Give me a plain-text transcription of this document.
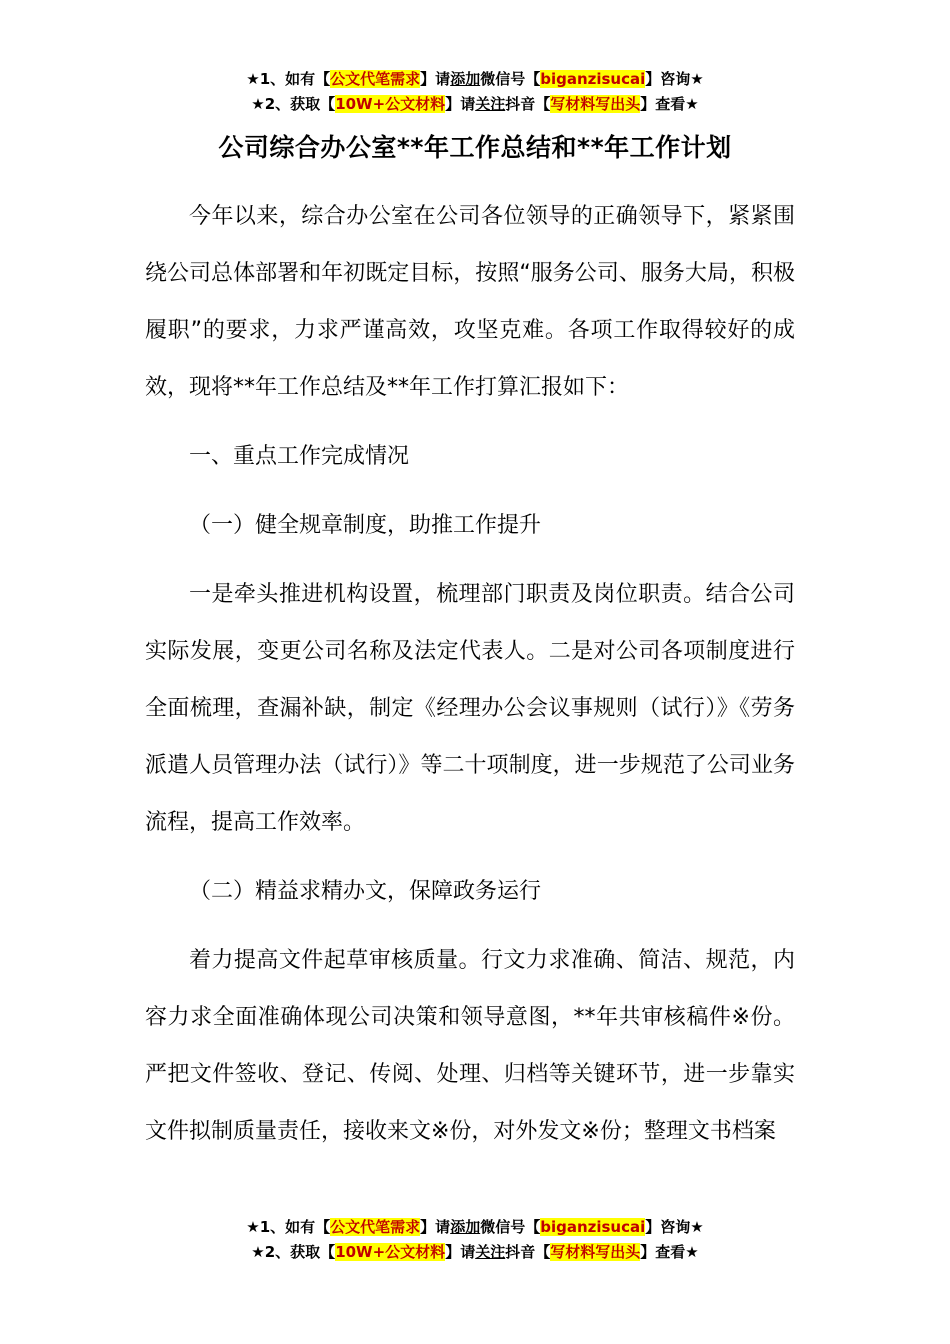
★1、如有【公文代笔需求】请添加微信号【biganzisucai】咨询★
★2、获取【10W+公文材料】请关注抖音【写材料写出头】查看★
公司综合办公室**年工作总结和**年工作计划

今年以来，综合办公室在公司各位领导的正确领导下，紧紧围绕公司总体部署和年初既定目标，按照“服务公司、服务大局，积极履职”的要求，力求严谨高效，攻坚克难。各项工作取得较好的成效，现将**年工作总结及**年工作打算汇报如下：

一、重点工作完成情况

（一）健全规章制度，助推工作提升

一是牵头推进机构设置，梳理部门职责及岗位职责。结合公司实际发展，变更公司名称及法定代表人。二是对公司各项制度进行全面梳理，查漏补缺，制定《经理办公会议事规则（试行）》《劳务派遣人员管理办法（试行）》等二十项制度，进一步规范了公司业务流程，提高工作效率。

（二）精益求精办文，保障政务运行

着力提高文件起草审核质量。行文力求准确、简洁、规范，内容力求全面准确体现公司决策和领导意图，**年共审核稿件※份。严把文件签收、登记、传阅、处理、归档等关键环节，进一步靠实文件拟制质量责任，接收来文※份，对外发文※份；整理文书档案

★1、如有【公文代笔需求】请添加微信号【biganzisucai】咨询★
★2、获取【10W+公文材料】请关注抖音【写材料写出头】查看★
